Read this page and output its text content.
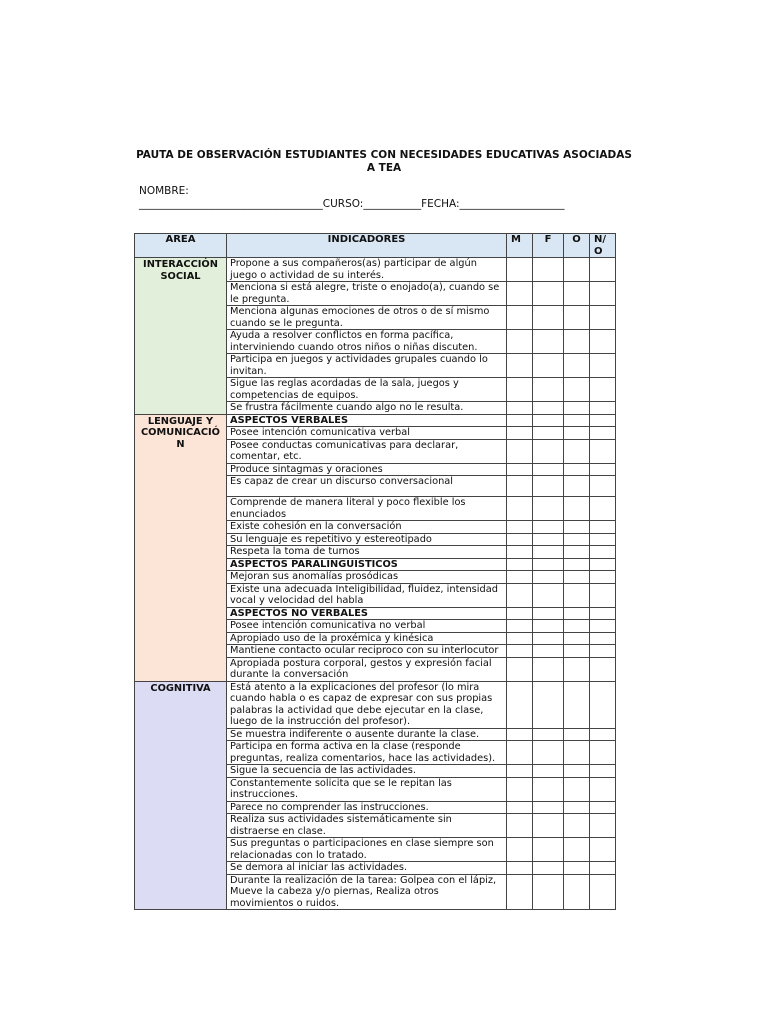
PAUTA DE OBSERVACIÓN ESTUDIANTES CON NECESIDADES EDUCATIVAS ASOCIADAS A TEA
NOMBRE:
___________________________________CURSO:___________FECHA:____________________
AREA	INDICADORES	M	F	O	N/ O
INTERACCIÓN SOCIAL	Propone a sus compañeros(as) participar de algún juego o actividad de su interés.				
	Menciona si está alegre, triste o enojado(a), cuando se le pregunta.				
	Menciona algunas emociones de otros o de sí mismo cuando se le pregunta.				
	Ayuda a resolver conflictos en forma pacífica, interviniendo cuando otros niños o niñas discuten.				
	Participa en juegos y actividades grupales cuando lo invitan.				
	Sigue las reglas acordadas de la sala, juegos y competencias de equipos.				
	Se frustra fácilmente cuando algo no le resulta.				
LENGUAJE Y COMUNICACIÓ N	ASPECTOS VERBALES				
	Posee intención comunicativa verbal				
	Posee conductas comunicativas para declarar, comentar, etc.				
	Produce sintagmas y oraciones				
	Es capaz de crear un discurso conversacional				
	Comprende de manera literal y poco flexible los enunciados				
	Existe cohesión en la conversación				
	Su lenguaje es repetitivo y estereotipado				
	Respeta la toma de turnos				
	ASPECTOS PARALINGUISTICOS				
	Mejoran sus anomalías prosódicas				
	Existe una adecuada Inteligibilidad, fluidez, intensidad vocal y velocidad del habla				
	ASPECTOS NO VERBALES				
	Posee intención comunicativa no verbal				
	Apropiado uso de la proxémica y kinésica				
	Mantiene contacto ocular reciproco con su interlocutor				
	Apropiada postura corporal, gestos y expresión facial durante la conversación				
COGNITIVA	Está atento a la explicaciones del profesor (lo mira cuando habla o es capaz de expresar con sus propias palabras la actividad que debe ejecutar en la clase, luego de la instrucción del profesor).				
	Se muestra indiferente o ausente durante la clase.				
	Participa en forma activa en la clase (responde preguntas, realiza comentarios, hace las actividades).				
	Sigue la secuencia de las actividades.				
	Constantemente solicita que se le repitan las instrucciones.				
	Parece no comprender las instrucciones.				
	Realiza sus actividades sistemáticamente sin distraerse en clase.				
	Sus preguntas o participaciones en clase siempre son relacionadas con lo tratado.				
	Se demora al iniciar las actividades.				
	Durante la realización de la tarea: Golpea con el lápiz, Mueve la cabeza y/o piernas, Realiza otros movimientos o ruidos.				
